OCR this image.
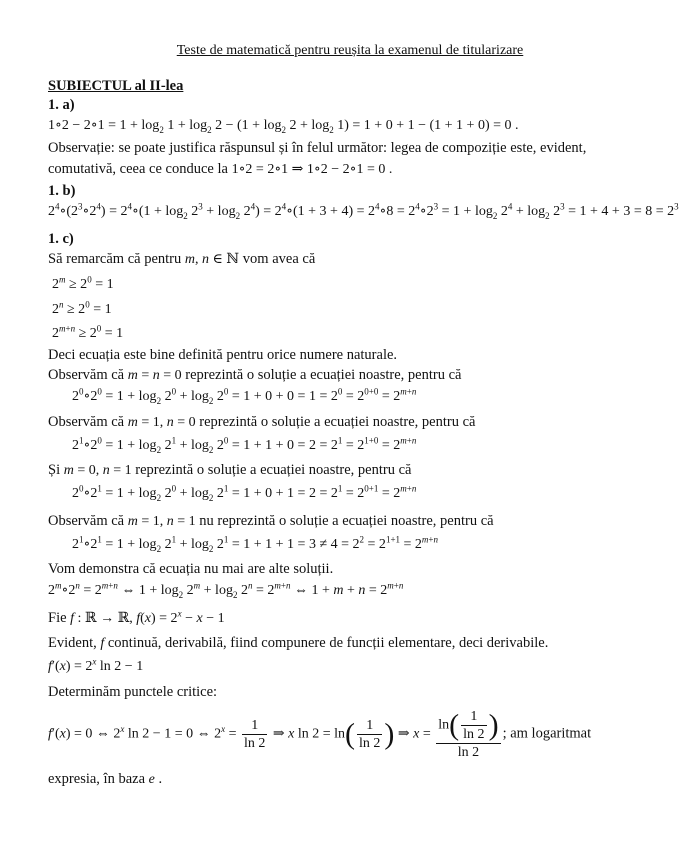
Teste de matematică pentru reușita la examenul de titularizare
SUBIECTUL al II-lea
1. a)
1∘2 − 2∘1 = $1 + \log_2 1 + \log_2 2 - (1 + \log_2 2 + \log_2 1) = 1 + 0 + 1 - (1 + 1 + 0) = 0$ .
Observație: se poate justifica răspunsul și în felul următor: legea de compoziție este, evident,
comutativă, ceea ce conduce la 1∘2 = 2∘1 ⇒ 1∘2 − 2∘1 = 0 .
1. b)
$2^4\circ(2^3\circ 2^4)$ = $2^4\circ(1 + \log_2 2^3 + \log_2 2^4)$ = $2^4\circ(1 + 3 + 4)$ = $2^4\circ 8$ = $2^4\circ 2^3 = 1 + \log_2 2^4 + \log_2 2^3 = 1 + 4 + 3 = 8 = 2^3$
1. c)
Să remarcăm că pentru m, n ∈ ℕ vom avea că
$2^m \ge 2^0 = 1$
$2^n \ge 2^0 = 1$
$2^{m+n} \ge 2^0 = 1$
Deci ecuația este bine definită pentru orice numere naturale.
Observăm că m = n = 0 reprezintă o soluție a ecuației noastre, pentru că
$2^0\circ 2^0 = 1 + \log_2 2^0 + \log_2 2^0 = 1 + 0 + 0 = 1 = 2^0 = 2^{0+0} = 2^{m+n}$
Observăm că m = 1, n = 0 reprezintă o soluție a ecuației noastre, pentru că
$2^1\circ 2^0 = 1 + \log_2 2^1 + \log_2 2^0 = 1 + 1 + 0 = 2 = 2^1 = 2^{1+0} = 2^{m+n}$
Și m = 0, n = 1 reprezintă o soluție a ecuației noastre, pentru că
$2^0\circ 2^1 = 1 + \log_2 2^0 + \log_2 2^1 = 1 + 0 + 1 = 2 = 2^1 = 2^{0+1} = 2^{m+n}$
Observăm că m = 1, n = 1 nu reprezintă o soluție a ecuației noastre, pentru că
$2^1\circ 2^1 = 1 + \log_2 2^1 + \log_2 2^1 = 1 + 1 + 1 = 3 \ne 4 = 2^2 = 2^{1+1} = 2^{m+n}$
Vom demonstra că ecuația nu mai are alte soluții.
$2^m\circ 2^n = 2^{m+n}$ ⇔ $1 + \log_2 2^m + \log_2 2^n = 2^{m+n}$ ⇔ $1 + m + n = 2^{m+n}$
Fie f : ℝ → ℝ, $f(x) = 2^x - x - 1$
Evident, f continuă, derivabilă, fiind compunere de funcții elementare, deci derivabile.
$f'(x) = 2^x$ ln 2 − 1
Determinăm punctele critice:
f′(x) = 0 ⇔ 2$^x$ ln 2 − 1 = 0 ⇔ $2^x = \frac{1}{\ln 2}$ ⇒ x $\ln 2 = \ln( \frac{1}{\ln 2}$ ) ⇒ $x = \frac{\ln( \frac{1}{\ln 2} )}{\ln 2}$ ; am logaritmat
expresia, în baza e .
